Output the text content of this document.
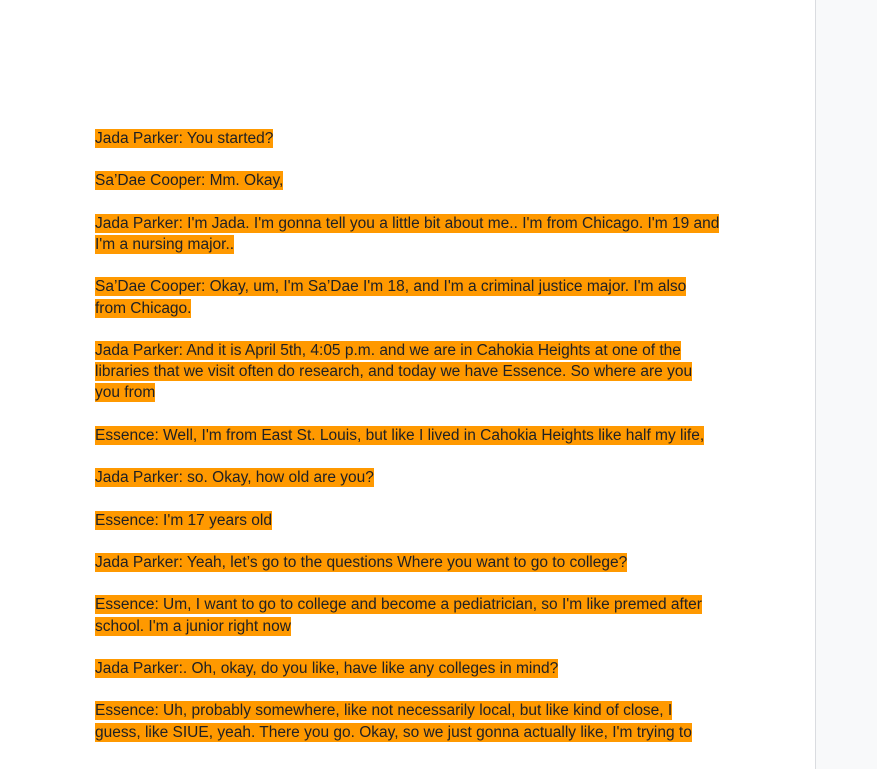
Jada Parker: You started?

Sa’Dae Cooper: Mm. Okay,

Jada Parker: I'm Jada. I'm gonna tell you a little bit about me.. I'm from Chicago. I'm 19 and I'm a nursing major..

Sa’Dae Cooper: Okay, um, I'm Sa’Dae I'm 18, and I'm a criminal justice major. I'm also from Chicago.

Jada Parker: And it is April 5th, 4:05 p.m. and we are in Cahokia Heights at one of the libraries that we visit often do research, and today we have Essence. So where are you you from

Essence: Well, I'm from East St. Louis, but like I lived in Cahokia Heights like half my life,

Jada Parker: so. Okay, how old are you?

Essence: I'm 17 years old

Jada Parker: Yeah, let’s go to the questions Where you want to go to college?

Essence: Um, I want to go to college and become a pediatrician, so I'm like premed after school. I'm a junior right now

Jada Parker:. Oh, okay, do you like, have like any colleges in mind?

Essence: Uh, probably somewhere, like not necessarily local, but like kind of close, I guess, like SIUE, yeah. There you go. Okay, so we just gonna actually like, I'm trying to
